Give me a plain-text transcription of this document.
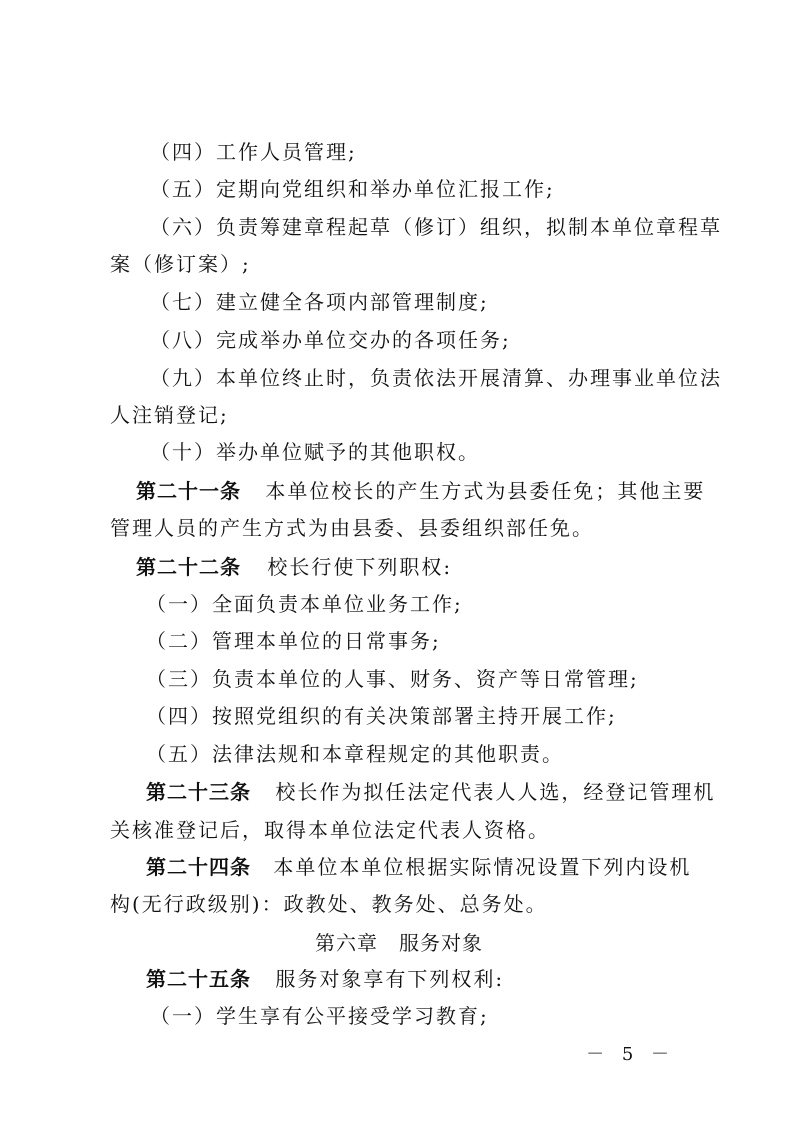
（四）工作人员管理;
（五）定期向党组织和举办单位汇报工作;
（六）负责筹建章程起草（修订）组织，拟制本单位章程草
案（修订案）;
（七）建立健全各项内部管理制度;
（八）完成举办单位交办的各项任务;
（九）本单位终止时，负责依法开展清算、办理事业单位法
人注销登记;
（十）举办单位赋予的其他职权。
第二十一条 本单位校长的产生方式为县委任免；其他主要
管理人员的产生方式为由县委、县委组织部任免。
第二十二条 校长行使下列职权:
（一）全面负责本单位业务工作;
（二）管理本单位的日常事务;
（三）负责本单位的人事、财务、资产等日常管理;
（四）按照党组织的有关决策部署主持开展工作;
（五）法律法规和本章程规定的其他职责。
第二十三条 校长作为拟任法定代表人人选，经登记管理机
关核准登记后，取得本单位法定代表人资格。
第二十四条 本单位本单位根据实际情况设置下列内设机
构(无行政级别)：政教处、教务处、总务处。
第六章　服务对象
第二十五条 服务对象享有下列权利:
（一）学生享有公平接受学习教育;
－ 5 －
